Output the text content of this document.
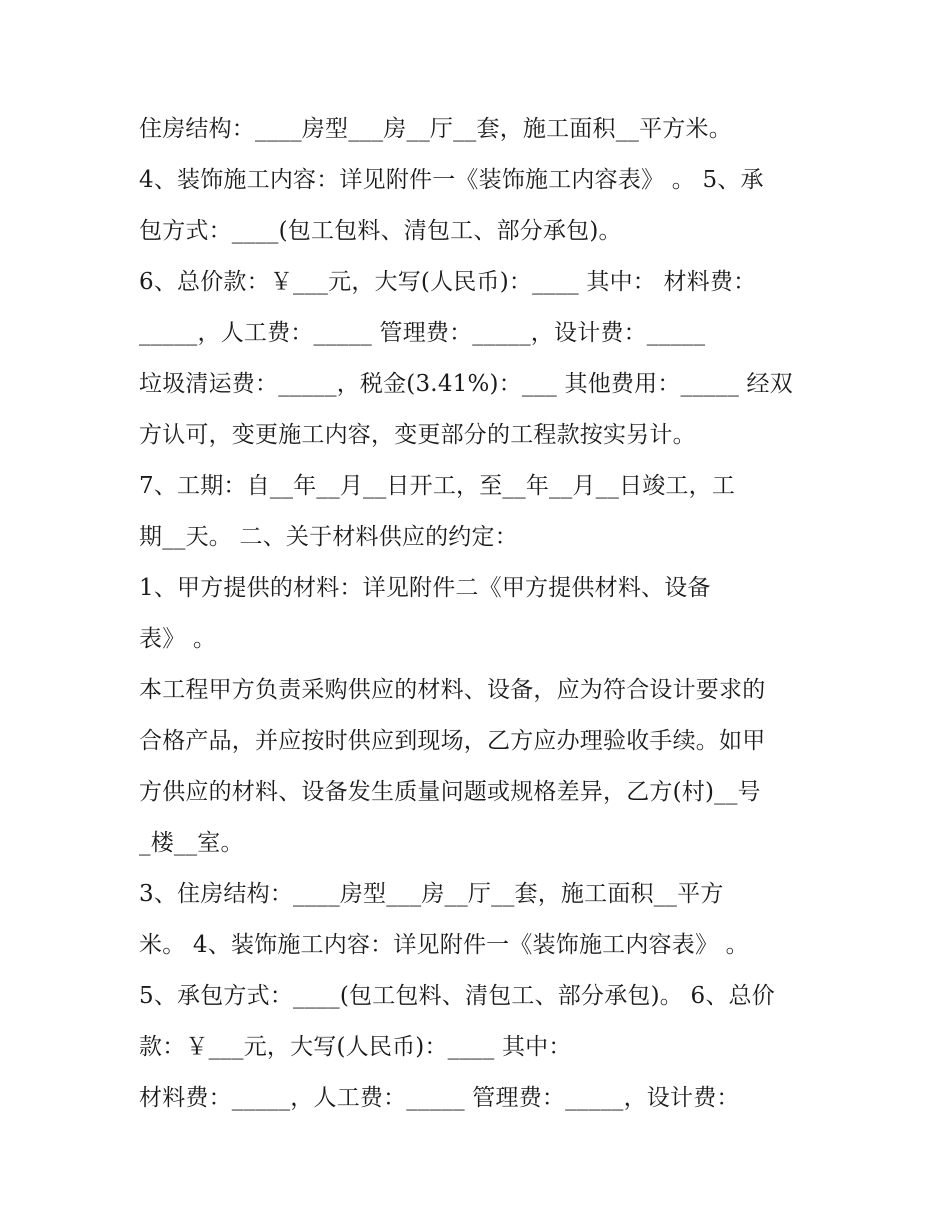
住房结构：____房型___房__厅__套，施工面积__平方米。
4、装饰施工内容：详见附件一《装饰施工内容表》 。 5、承
包方式：____(包工包料、清包工、部分承包)。
6、总价款：￥___元，大写(人民币)：____ 其中： 材料费：
_____，人工费：_____ 管理费：_____，设计费：_____
垃圾清运费：_____，税金(3.41%)：___ 其他费用：_____ 经双
方认可，变更施工内容，变更部分的工程款按实另计。
7、工期：自__年__月__日开工，至__年__月__日竣工，工
期__天。 二、关于材料供应的约定：
1、甲方提供的材料：详见附件二《甲方提供材料、设备
表》 。
本工程甲方负责采购供应的材料、设备，应为符合设计要求的
合格产品，并应按时供应到现场，乙方应办理验收手续。如甲
方供应的材料、设备发生质量问题或规格差异，乙方(村)__号
_楼__室。
3、住房结构：____房型___房__厅__套，施工面积__平方
米。 4、装饰施工内容：详见附件一《装饰施工内容表》 。
5、承包方式：____(包工包料、清包工、部分承包)。 6、总价
款：￥___元，大写(人民币)：____ 其中：
材料费：_____，人工费：_____ 管理费：_____，设计费：
